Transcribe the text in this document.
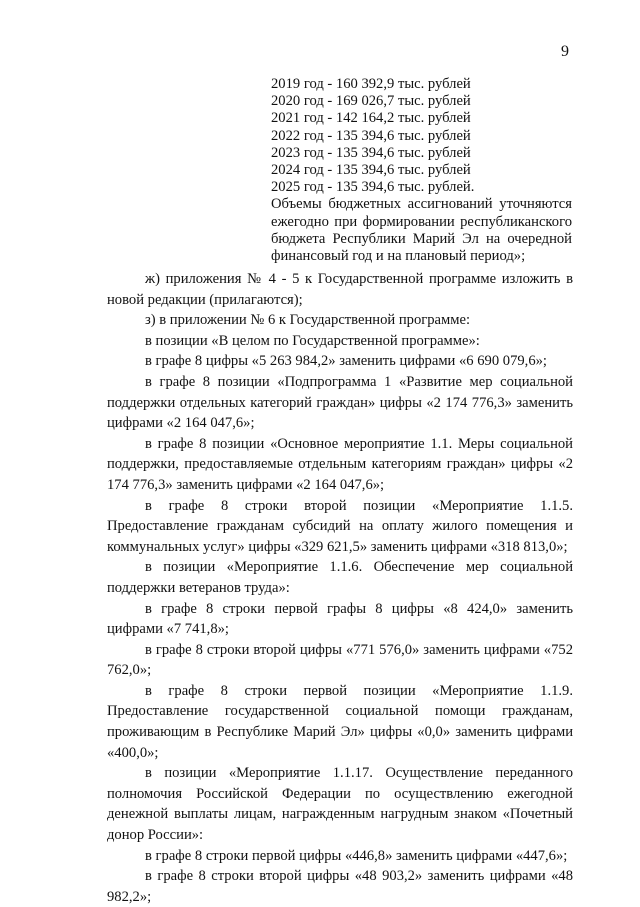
9
2019 год - 160 392,9 тыс. рублей
2020 год - 169 026,7 тыс. рублей
2021 год - 142 164,2 тыс. рублей
2022 год - 135 394,6 тыс. рублей
2023 год - 135 394,6 тыс. рублей
2024 год - 135 394,6 тыс. рублей
2025 год - 135 394,6 тыс. рублей.
Объемы бюджетных ассигнований уточняются ежегодно при формировании республиканского бюджета Республики Марий Эл на очередной финансовый год и на плановый период»;

ж) приложения № 4 - 5 к Государственной программе изложить в новой редакции (прилагаются);

з) в приложении № 6 к Государственной программе:

в позиции «В целом по Государственной программе»:

в графе 8 цифры «5 263 984,2» заменить цифрами «6 690 079,6»;

в графе 8 позиции «Подпрограмма 1 «Развитие мер социальной поддержки отдельных категорий граждан» цифры «2 174 776,3» заменить цифрами «2 164 047,6»;

в графе 8 позиции «Основное мероприятие 1.1. Меры социальной поддержки, предоставляемые отдельным категориям граждан» цифры «2 174 776,3» заменить цифрами «2 164 047,6»;

в графе 8 строки второй позиции «Мероприятие 1.1.5. Предоставление гражданам субсидий на оплату жилого помещения и коммунальных услуг» цифры «329 621,5» заменить цифрами «318 813,0»;

в позиции «Мероприятие 1.1.6. Обеспечение мер социальной поддержки ветеранов труда»:

в графе 8 строки первой графы 8 цифры «8 424,0» заменить цифрами «7 741,8»;

в графе 8 строки второй цифры «771 576,0» заменить цифрами «752 762,0»;

в графе 8 строки первой позиции «Мероприятие 1.1.9. Предоставление государственной социальной помощи гражданам, проживающим в Республике Марий Эл» цифры «0,0» заменить цифрами «400,0»;

в позиции «Мероприятие 1.1.17. Осуществление переданного полномочия Российской Федерации по осуществлению ежегодной денежной выплаты лицам, награжденным нагрудным знаком «Почетный донор России»:

в графе 8 строки первой цифры «446,8» заменить цифрами «447,6»;

в графе 8 строки второй цифры «48 903,2» заменить цифрами «48 982,2»;
